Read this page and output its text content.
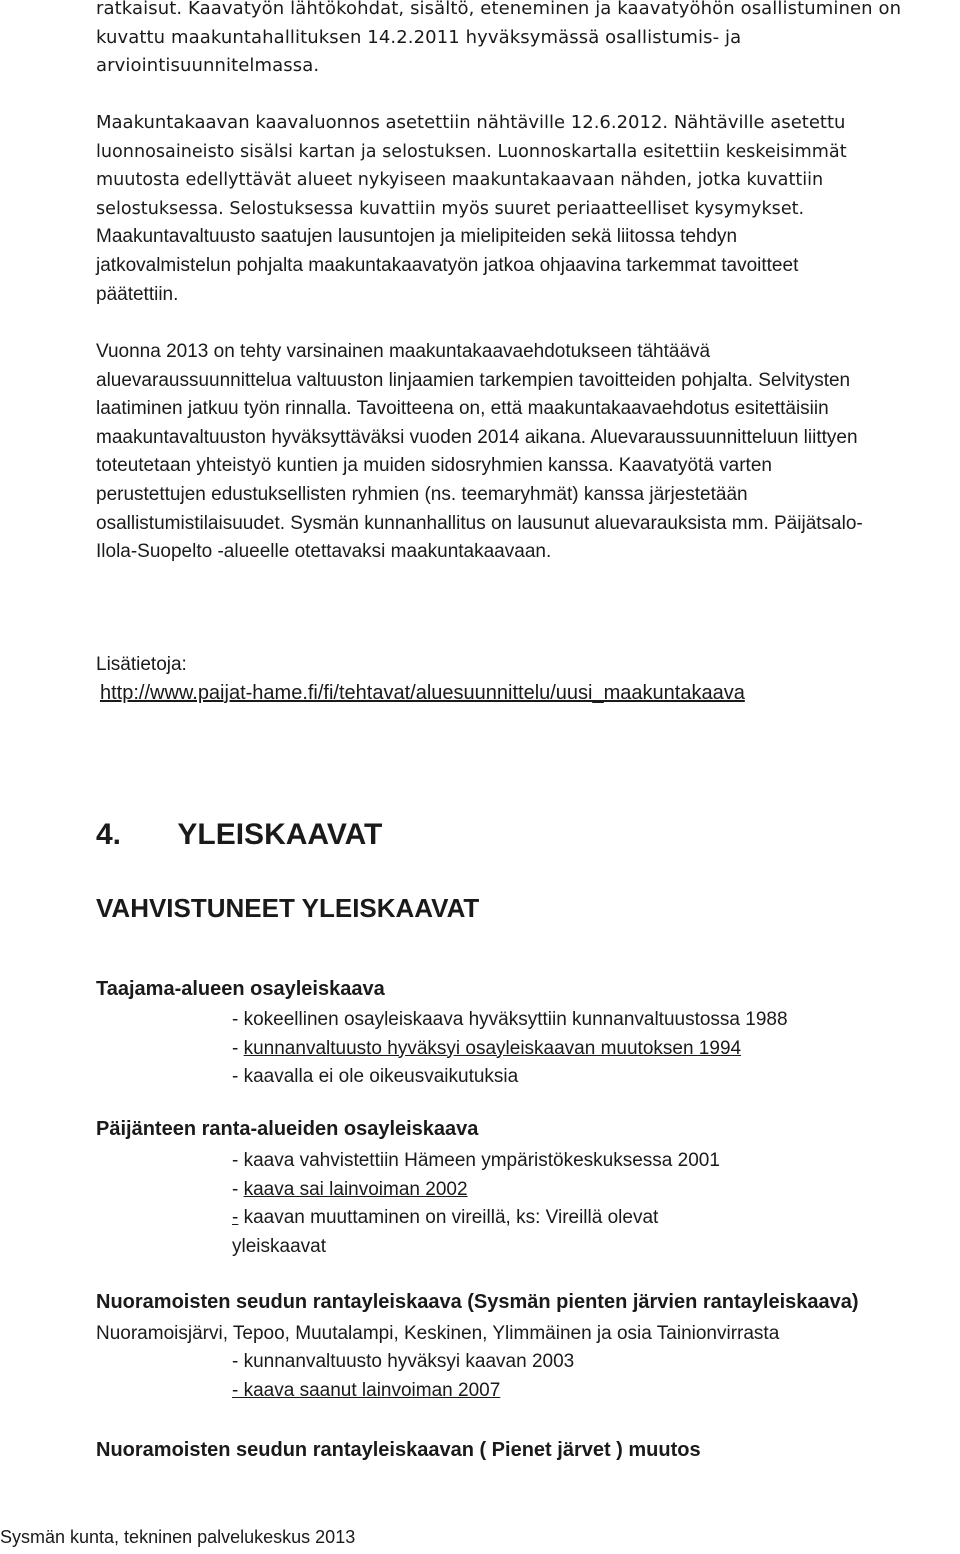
ratkaisut. Kaavatyön lähtökohdat, sisältö, eteneminen ja kaavatyöhön osallistuminen on
kuvattu maakuntahallituksen 14.2.2011 hyväksymässä osallistumis- ja
arviointisuunnitelmassa.
Maakuntakaavan kaavaluonnos asetettiin nähtäville 12.6.2012. Nähtäville asetettu
luonnosaineisto sisälsi kartan ja selostuksen. Luonnoskartalla esitettiin keskeisimmät
muutosta edellyttävät alueet nykyiseen maakuntakaavaan nähden, jotka kuvattiin
selostuksessa. Selostuksessa kuvattiin myös suuret periaatteelliset kysymykset.
Maakuntavaltuusto saatujen lausuntojen ja mielipiteiden sekä liitossa tehdyn
jatkovalmistelun pohjalta maakuntakaavatyön jatkoa ohjaavina tarkemmat tavoitteet
päätettiin.
Vuonna 2013 on tehty varsinainen maakuntakaavaehdotukseen tähtäävä
aluevaraussuunnittelua valtuuston linjaamien tarkempien tavoitteiden pohjalta. Selvitysten
laatiminen jatkuu työn rinnalla. Tavoitteena on, että maakuntakaavaehdotus esitettäisiin
maakuntavaltuuston hyväksyttäväksi vuoden 2014 aikana. Aluevaraussuunnitteluun liittyen
toteutetaan yhteistyö kuntien ja muiden sidosryhmien kanssa. Kaavatyötä varten
perustettujen edustuksellisten ryhmien (ns. teemaryhmät) kanssa järjestetään
osallistumistilaisuudet. Sysmän kunnanhallitus on lausunut aluevarauksista mm. Päijätsalo-
Ilola-Suopelto -alueelle otettavaksi maakuntakaavaan.
Lisätietoja:
http://www.paijat-hame.fi/fi/tehtavat/aluesuunnittelu/uusi_maakuntakaava
4. YLEISKAAVAT
VAHVISTUNEET YLEISKAAVAT
Taajama-alueen osayleiskaava
- kokeellinen osayleiskaava hyväksyttiin kunnanvaltuustossa 1988
- kunnanvaltuusto hyväksyi osayleiskaavan muutoksen 1994
- kaavalla ei ole oikeusvaikutuksia
Päijänteen ranta-alueiden osayleiskaava
- kaava vahvistettiin Hämeen ympäristökeskuksessa 2001
- kaava sai lainvoiman 2002
- kaavan muuttaminen on vireillä, ks: Vireillä olevat
yleiskaavat
Nuoramoisten seudun rantayleiskaava (Sysmän pienten järvien rantayleiskaava)
Nuoramoisjärvi, Tepoo, Muutalampi, Keskinen, Ylimmäinen ja osia Tainionvirrasta
- kunnanvaltuusto hyväksyi kaavan 2003
- kaava saanut lainvoiman 2007
Nuoramoisten seudun rantayleiskaavan ( Pienet järvet ) muutos
Sysmän kunta, tekninen palvelukeskus 2013
